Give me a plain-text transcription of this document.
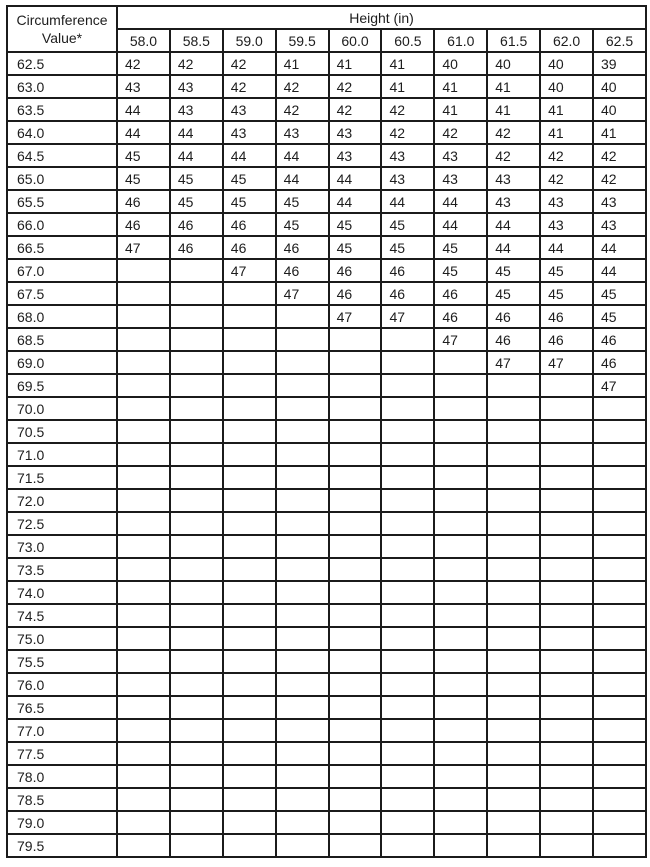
Circumference
Value*	Height (in)									
	58.0	58.5	59.0	59.5	60.0	60.5	61.0	61.5	62.0	62.5
62.5	42	42	42	41	41	41	40	40	40	39
63.0	43	43	42	42	42	41	41	41	40	40
63.5	44	43	43	42	42	42	41	41	41	40
64.0	44	44	43	43	43	42	42	42	41	41
64.5	45	44	44	44	43	43	43	42	42	42
65.0	45	45	45	44	44	43	43	43	42	42
65.5	46	45	45	45	44	44	44	43	43	43
66.0	46	46	46	45	45	45	44	44	43	43
66.5	47	46	46	46	45	45	45	44	44	44
67.0			47	46	46	46	45	45	45	44
67.5				47	46	46	46	45	45	45
68.0					47	47	46	46	46	45
68.5							47	46	46	46
69.0								47	47	46
69.5										47
70.0										
70.5										
71.0										
71.5										
72.0										
72.5										
73.0										
73.5										
74.0										
74.5										
75.0										
75.5										
76.0										
76.5										
77.0										
77.5										
78.0										
78.5										
79.0										
79.5										
